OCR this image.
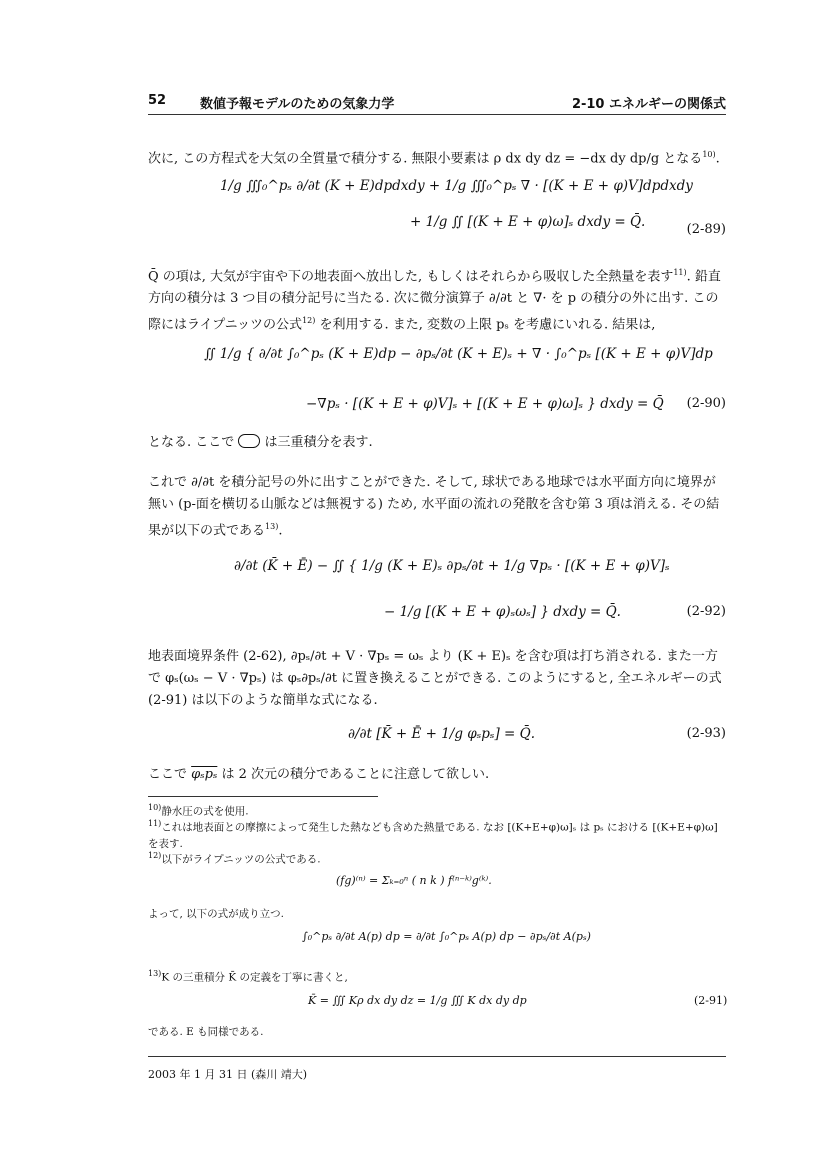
52	数値予報モデルのための気象力学	2-10 エネルギーの関係式
次に, この方程式を大気の全質量で積分する. 無限小要素は ρ dx dy dz = −dx dy dp/g となる$^{10)}$.
1/g ∭₀^pₛ ∂/∂t (K + E)dpdxdy + 1/g ∭₀^pₛ ∇ · [(K + E + φ)V]dpdxdy
+ 1/g ∬ [(K + E + φ)ω]ₛ dxdy = Q̄.	(2-89)
Q̄ の項は, 大気が宇宙や下の地表面へ放出した, もしくはそれらから吸収した全熱量を表す$^{11)}$. 鉛直方向の積分は 3 つ目の積分記号に当たる. 次に微分演算子 ∂/∂t と ∇· を p の積分の外に出す. この際にはライプニッツの公式$^{12)}$ を利用する. また, 変数の上限 pₛ を考慮にいれる. 結果は,
∬ 1/g { ∂/∂t ∫₀^pₛ (K + E)dp − ∂pₛ/∂t (K + E)ₛ + ∇ · ∫₀^pₛ [(K + E + φ)V]dp
−∇pₛ · [(K + E + φ)V]ₛ + [(K + E + φ)ω]ₛ } dxdy = Q̄ (2-90)
となる. ここで  は三重積分を表す.
これで ∂/∂t を積分記号の外に出すことができた. そして, 球状である地球では水平面方向に境界が無い (p-面を横切る山脈などは無視する) ため, 水平面の流れの発散を含む第 3 項は消える. その結果が以下の式である$^{13)}$.
∂/∂t (K̄ + Ē) − ∬ { 1/g (K + E)ₛ ∂pₛ/∂t + 1/g ∇pₛ · [(K + E + φ)V]ₛ
− 1/g [(K + E + φ)ₛωₛ] } dxdy = Q̄.	(2-92)
地表面境界条件 (2-62), ∂pₛ/∂t + V · ∇pₛ = ωₛ より (K + E)ₛ を含む項は打ち消される. また一方で φₛ(ωₛ − V · ∇pₛ) は φₛ∂pₛ/∂t に置き換えることができる. このようにすると, 全エネルギーの式 (2-91) は以下のような簡単な式になる.
∂/∂t [K̄ + Ē + 1/g φₛpₛ] = Q̄.	(2-93)
ここで φₛpₛ は 2 次元の積分であることに注意して欲しい.
$^{10)}$静水圧の式を使用.
$^{11)}$これは地表面との摩擦によって発生した熱なども含めた熱量である. なお [(K+E+φ)ω]ₛ は pₛ における [(K+E+φ)ω]
を表す.
$^{12)}$以下がライプニッツの公式である.
(fg)⁽ⁿ⁾ = Σₖ₌₀ⁿ ( n k ) f⁽ⁿ⁻ᵏ⁾g⁽ᵏ⁾.
よって, 以下の式が成り立つ.
∫₀^pₛ ∂/∂t A(p) dp = ∂/∂t ∫₀^pₛ A(p) dp − ∂pₛ/∂t A(pₛ)
$^{13)}$K の三重積分 K̄ の定義を丁寧に書くと,
K̄ = ∭ Kρ dx dy dz = 1/g ∭ K dx dy dp	(2-91)
である. E も同様である.
2003 年 1 月 31 日 (森川 靖大)
